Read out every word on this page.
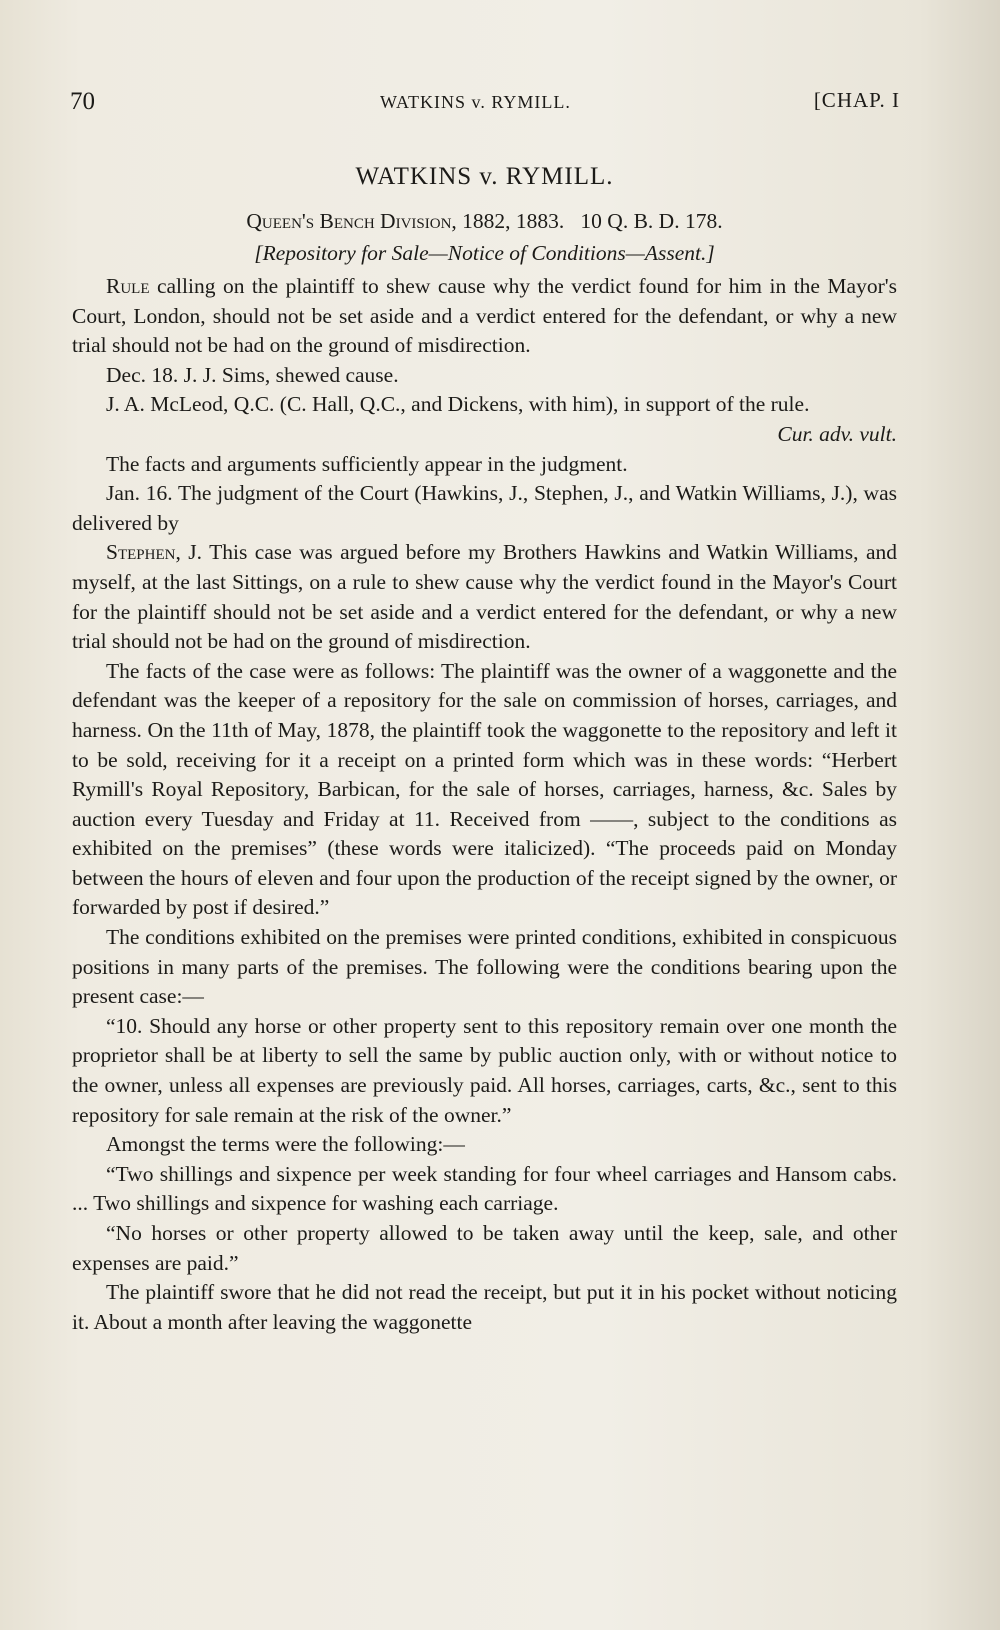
70	WATKINS v. RYMILL.	[CHAP. I
WATKINS v. RYMILL.
Queen's Bench Division, 1882, 1883. 10 Q. B. D. 178.
[Repository for Sale—Notice of Conditions—Assent.]

Rule calling on the plaintiff to shew cause why the verdict found for him in the Mayor's Court, London, should not be set aside and a verdict entered for the defendant, or why a new trial should not be had on the ground of misdirection.

Dec. 18. J. J. Sims, shewed cause.

J. A. McLeod, Q.C. (C. Hall, Q.C., and Dickens, with him), in support of the rule.

Cur. adv. vult.

The facts and arguments sufficiently appear in the judgment.

Jan. 16. The judgment of the Court (Hawkins, J., Stephen, J., and Watkin Williams, J.), was delivered by

Stephen, J. This case was argued before my Brothers Hawkins and Watkin Williams, and myself, at the last Sittings, on a rule to shew cause why the verdict found in the Mayor's Court for the plaintiff should not be set aside and a verdict entered for the defendant, or why a new trial should not be had on the ground of misdirection.

The facts of the case were as follows: The plaintiff was the owner of a waggonette and the defendant was the keeper of a repository for the sale on commission of horses, carriages, and harness. On the 11th of May, 1878, the plaintiff took the waggonette to the repository and left it to be sold, receiving for it a receipt on a printed form which was in these words: “Herbert Rymill's Royal Repository, Barbican, for the sale of horses, carriages, harness, &c. Sales by auction every Tuesday and Friday at 11. Received from ——, subject to the conditions as exhibited on the premises” (these words were italicized). “The proceeds paid on Monday between the hours of eleven and four upon the production of the receipt signed by the owner, or forwarded by post if desired.”

The conditions exhibited on the premises were printed conditions, exhibited in conspicuous positions in many parts of the premises. The following were the conditions bearing upon the present case:—

“10. Should any horse or other property sent to this repository remain over one month the proprietor shall be at liberty to sell the same by public auction only, with or without notice to the owner, unless all expenses are previously paid. All horses, carriages, carts, &c., sent to this repository for sale remain at the risk of the owner.”

Amongst the terms were the following:—

“Two shillings and sixpence per week standing for four wheel carriages and Hansom cabs. ... Two shillings and sixpence for washing each carriage.

“No horses or other property allowed to be taken away until the keep, sale, and other expenses are paid.”

The plaintiff swore that he did not read the receipt, but put it in his pocket without noticing it. About a month after leaving the waggonette
